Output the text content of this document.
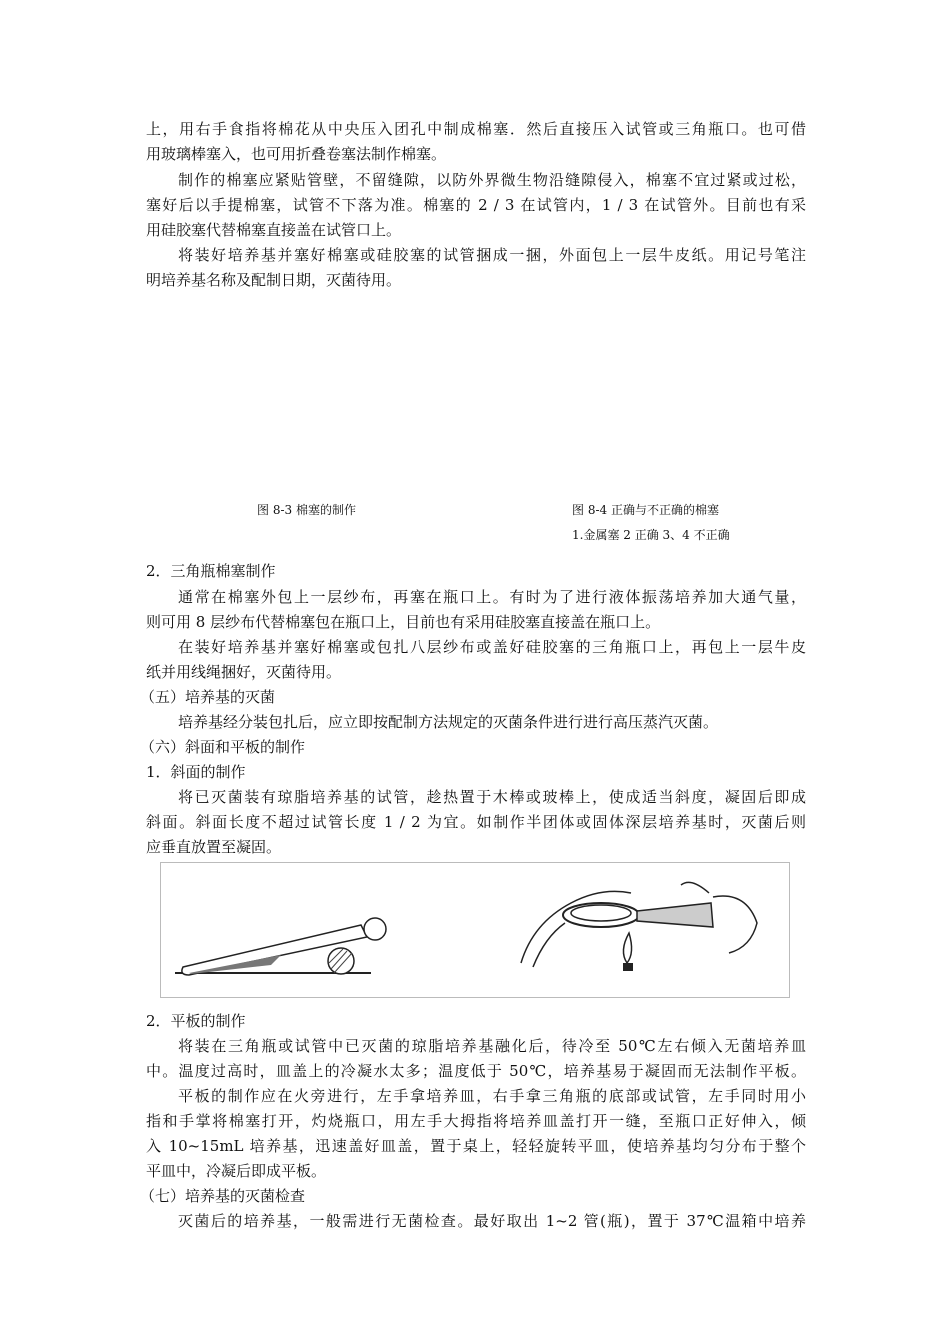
上，用右手食指将棉花从中央压入团孔中制成棉塞．然后直接压入试管或三角瓶口。也可借
用玻璃棒塞入，也可用折叠卷塞法制作棉塞。
制作的棉塞应紧贴管壁，不留缝隙，以防外界微生物沿缝隙侵入，棉塞不宜过紧或过松，
塞好后以手提棉塞，试管不下落为准。棉塞的 2 / 3 在试管内，1 / 3 在试管外。目前也有采
用硅胶塞代替棉塞直接盖在试管口上。
将装好培养基并塞好棉塞或硅胶塞的试管捆成一捆，外面包上一层牛皮纸。用记号笔注
明培养基名称及配制日期，灭菌待用。
图 8-3 棉塞的制作	图 8-4 正确与不正确的棉塞
1.金属塞 2 正确 3、4 不正确
2．三角瓶棉塞制作
通常在棉塞外包上一层纱布，再塞在瓶口上。有时为了进行液体振荡培养加大通气量，
则可用 8 层纱布代替棉塞包在瓶口上，目前也有采用硅胶塞直接盖在瓶口上。
在装好培养基并塞好棉塞或包扎八层纱布或盖好硅胶塞的三角瓶口上，再包上一层牛皮
纸并用线绳捆好，灭菌待用。
（五）培养基的灭菌
培养基经分装包扎后，应立即按配制方法规定的灭菌条件进行进行高压蒸汽灭菌。
（六）斜面和平板的制作
1．斜面的制作
将已灭菌装有琼脂培养基的试管，趁热置于木棒或玻棒上，使成适当斜度，凝固后即成
斜面。斜面长度不超过试管长度 1 / 2 为宜。如制作半团体或固体深层培养基时，灭菌后则
应垂直放置至凝固。
2．平板的制作
将装在三角瓶或试管中已灭菌的琼脂培养基融化后，待冷至 50℃左右倾入无菌培养皿
中。温度过高时，皿盖上的冷凝水太多；温度低于 50℃，培养基易于凝固而无法制作平板。
平板的制作应在火旁进行，左手拿培养皿，右手拿三角瓶的底部或试管，左手同时用小
指和手掌将棉塞打开，灼烧瓶口，用左手大拇指将培养皿盖打开一缝，至瓶口正好伸入，倾
入 10~15mL 培养基，迅速盖好皿盖，置于桌上，轻轻旋转平皿，使培养基均匀分布于整个
平皿中，冷凝后即成平板。
（七）培养基的灭菌检查
灭菌后的培养基，一般需进行无菌检查。最好取出 1~2 管(瓶)，置于 37℃温箱中培养
